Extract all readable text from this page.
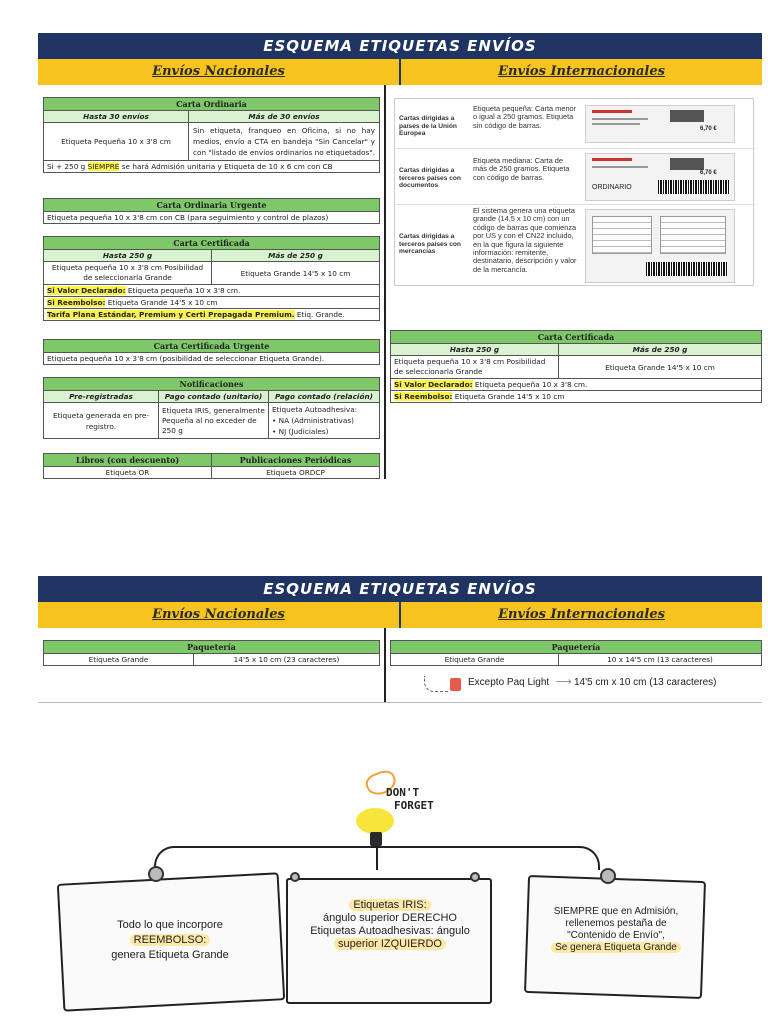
ESQUEMA ETIQUETAS ENVÍOS
Envíos Nacionales	Envíos Internacionales
Carta Ordinaria	
Hasta 30 envíos	Más de 30 envíos
Etiqueta Pequeña 10 x 3'8 cm	Sin etiqueta, franqueo en Oficina, si no hay medios, envío a CTA en bandeja "Sin Cancelar" y con "listado de envíos ordinarios no etiquetados".
Si + 250 g SIEMPRE se hará Admisión unitaria y Etiqueta de 10 x 6 cm con CB	
Carta Ordinaria Urgente
Etiqueta pequeña 10 x 3'8 cm con CB (para seguimiento y control de plazos)
Carta Certificada	
Hasta 250 g	Más de 250 g
Etiqueta pequeña 10 x 3'8 cm Posibilidad de seleccionarla Grande	Etiqueta Grande 14'5 x 10 cm
Si Valor Declarado: Etiqueta pequeña 10 x 3'8 cm.	
Si Reembolso: Etiqueta Grande 14'5 x 10 cm	
Tarifa Plana Estándar, Premium y Certi Prepagada Premium. Etiq. Grande.	
Carta Certificada Urgente
Etiqueta pequeña 10 x 3'8 cm (posibilidad de seleccionar Etiqueta Grande).
Notificaciones		
Pre-registradas	Pago contado (unitario)	Pago contado (relación)
Etiqueta generada en pre-registro.	Etiqueta IRIS, generalmente Pequeña al no exceder de 250 g	Etiqueta Autoadhesiva:
• NA (Administrativas)
• NJ (Judiciales)
Libros (con descuento)	Publicaciones Periódicas
Etiqueta OR	Etiqueta ORDCP
Cartas dirigidas a países de la Unión Europea
Etiqueta pequeña: Carta menor o igual a 250 gramos. Etiqueta sin código de barras.	6,70 €
Cartas dirigidas a terceros países con documentos
Etiqueta mediana: Carta de más de 250 gramos. Etiqueta con código de barras.	6,70 €
ORDINARIO
Cartas dirigidas a terceros países con mercancías
El sistema genera una etiqueta grande (14,5 x 10 cm) con un código de barras que comienza por US y con el CN22 incluido, en la que figura la siguiente información: remitente, destinatario, descripción y valor de la mercancía.
Carta Certificada	
Hasta 250 g	Más de 250 g
Etiqueta pequeña 10 x 3'8 cm Posibilidad de seleccionarla Grande	Etiqueta Grande 14'5 x 10 cm
Si Valor Declarado: Etiqueta pequeña 10 x 3'8 cm.	
Si Reembolso: Etiqueta Grande 14'5 x 10 cm	
ESQUEMA ETIQUETAS ENVÍOS
Envíos Nacionales	Envíos Internacionales
Paquetería
Etiqueta Grande	14'5 x 10 cm (23 caracteres)
Paquetería
Etiqueta Grande	10 x 14'5 cm (13 caracteres)
Excepto Paq Light ⟶ 14'5 cm x 10 cm (13 caracteres)
DON'T
FORGET
Todo lo que incorpore
REEMBOLSO:
genera Etiqueta Grande
Etiquetas IRIS:
ángulo superior DERECHO
Etiquetas Autoadhesivas: ángulo
superior IZQUIERDO
SIEMPRE que en Admisión,
rellenemos pestaña de
"Contenido de Envío",
Se genera Etiqueta Grande
